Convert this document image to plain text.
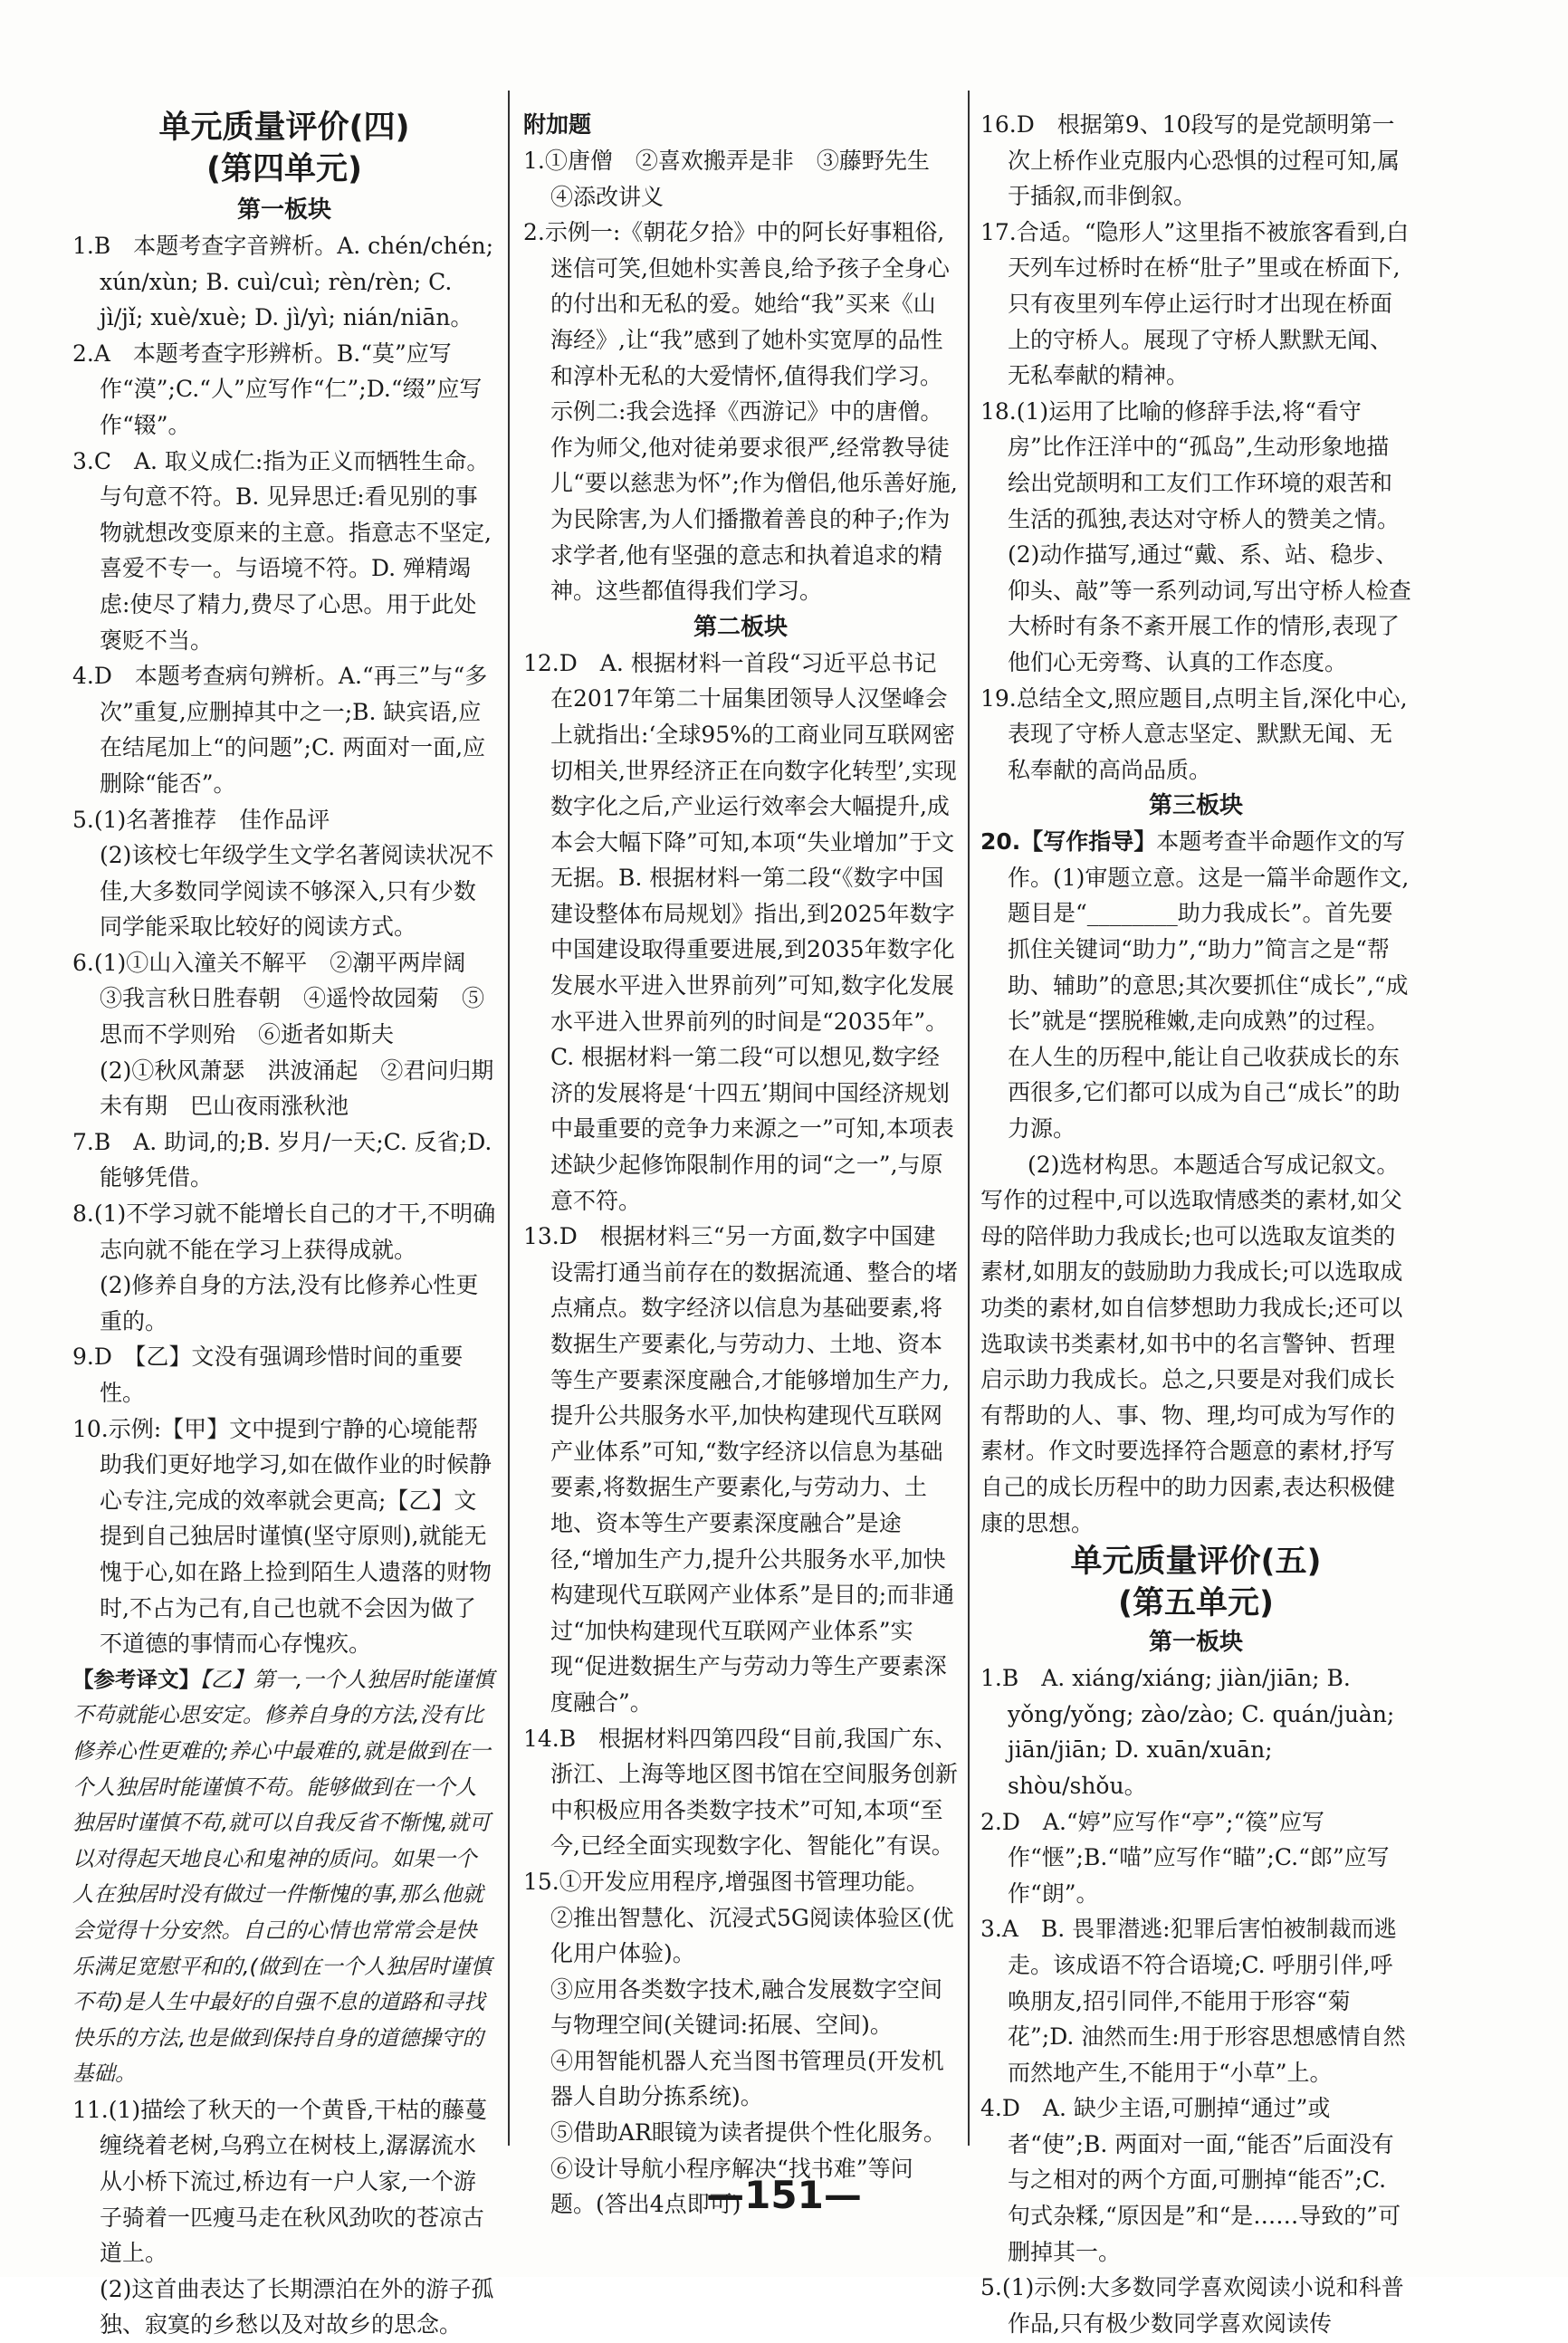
单元质量评价(四)
(第四单元)
第一板块

1.B　本题考查字音辨析。A. chén/chén; xún/xùn; B. cuì/cuì; rèn/rèn; C. jì/jǐ; xuè/xuè; D. jì/yì; nián/niān。

2.A　本题考查字形辨析。B.“莫”应写作“漠”;C.“人”应写作“仁”;D.“缀”应写作“辍”。

3.C　A. 取义成仁:指为正义而牺牲生命。与句意不符。B. 见异思迁:看见别的事物就想改变原来的主意。指意志不坚定,喜爱不专一。与语境不符。D. 殚精竭虑:使尽了精力,费尽了心思。用于此处褒贬不当。

4.D　本题考查病句辨析。A.“再三”与“多次”重复,应删掉其中之一;B. 缺宾语,应在结尾加上“的问题”;C. 两面对一面,应删除“能否”。

5.(1)名著推荐　佳作品评

(2)该校七年级学生文学名著阅读状况不佳,大多数同学阅读不够深入,只有少数同学能采取比较好的阅读方式。

6.(1)①山入潼关不解平　②潮平两岸阔　③我言秋日胜春朝　④遥怜故园菊　⑤思而不学则殆　⑥逝者如斯夫

(2)①秋风萧瑟　洪波涌起　②君问归期未有期　巴山夜雨涨秋池

7.B　A. 助词,的;B. 岁月/一天;C. 反省;D. 能够凭借。

8.(1)不学习就不能增长自己的才干,不明确志向就不能在学习上获得成就。

(2)修养自身的方法,没有比修养心性更重的。

9.D　【乙】文没有强调珍惜时间的重要性。

10.示例:【甲】文中提到宁静的心境能帮助我们更好地学习,如在做作业的时候静心专注,完成的效率就会更高;【乙】文提到自己独居时谨慎(坚守原则),就能无愧于心,如在路上捡到陌生人遗落的财物时,不占为己有,自己也就不会因为做了不道德的事情而心存愧疚。

【参考译文】【乙】第一,一个人独居时能谨慎不苟就能心思安定。修养自身的方法,没有比修养心性更难的;养心中最难的,就是做到在一个人独居时能谨慎不苟。能够做到在一个人独居时谨慎不苟,就可以自我反省不惭愧,就可以对得起天地良心和鬼神的质问。如果一个人在独居时没有做过一件惭愧的事,那么他就会觉得十分安然。自己的心情也常常会是快乐满足宽慰平和的,(做到在一个人独居时谨慎不苟)是人生中最好的自强不息的道路和寻找快乐的方法,也是做到保持自身的道德操守的基础。

11.(1)描绘了秋天的一个黄昏,干枯的藤蔓缠绕着老树,乌鸦立在树枝上,潺潺流水从小桥下流过,桥边有一户人家,一个游子骑着一匹瘦马走在秋风劲吹的苍凉古道上。

(2)这首曲表达了长期漂泊在外的游子孤独、寂寞的乡愁以及对故乡的思念。

附加题

1.①唐僧　②喜欢搬弄是非　③藤野先生　④添改讲义

2.示例一:《朝花夕拾》中的阿长好事粗俗,迷信可笑,但她朴实善良,给予孩子全身心的付出和无私的爱。她给“我”买来《山海经》,让“我”感到了她朴实宽厚的品性和淳朴无私的大爱情怀,值得我们学习。

示例二:我会选择《西游记》中的唐僧。作为师父,他对徒弟要求很严,经常教导徒儿“要以慈悲为怀”;作为僧侣,他乐善好施,为民除害,为人们播撒着善良的种子;作为求学者,他有坚强的意志和执着追求的精神。这些都值得我们学习。

第二板块

12.D　A. 根据材料一首段“习近平总书记在2017年第二十届集团领导人汉堡峰会上就指出:‘全球95%的工商业同互联网密切相关,世界经济正在向数字化转型’,实现数字化之后,产业运行效率会大幅提升,成本会大幅下降”可知,本项“失业增加”于文无据。B. 根据材料一第二段“《数字中国建设整体布局规划》指出,到2025年数字中国建设取得重要进展,到2035年数字化发展水平进入世界前列”可知,数字化发展水平进入世界前列的时间是“2035年”。C. 根据材料一第二段“可以想见,数字经济的发展将是‘十四五’期间中国经济规划中最重要的竞争力来源之一”可知,本项表述缺少起修饰限制作用的词“之一”,与原意不符。

13.D　根据材料三“另一方面,数字中国建设需打通当前存在的数据流通、整合的堵点痛点。数字经济以信息为基础要素,将数据生产要素化,与劳动力、土地、资本等生产要素深度融合,才能够增加生产力,提升公共服务水平,加快构建现代互联网产业体系”可知,“数字经济以信息为基础要素,将数据生产要素化,与劳动力、土地、资本等生产要素深度融合”是途径,“增加生产力,提升公共服务水平,加快构建现代互联网产业体系”是目的;而非通过“加快构建现代互联网产业体系”实现“促进数据生产与劳动力等生产要素深度融合”。

14.B　根据材料四第四段“目前,我国广东、浙江、上海等地区图书馆在空间服务创新中积极应用各类数字技术”可知,本项“至今,已经全面实现数字化、智能化”有误。

15.①开发应用程序,增强图书管理功能。

②推出智慧化、沉浸式5G阅读体验区(优化用户体验)。

③应用各类数字技术,融合发展数字空间与物理空间(关键词:拓展、空间)。

④用智能机器人充当图书管理员(开发机器人自助分拣系统)。

⑤借助AR眼镜为读者提供个性化服务。

⑥设计导航小程序解决“找书难”等问题。(答出4点即可)

16.D　根据第9、10段写的是党颉明第一次上桥作业克服内心恐惧的过程可知,属于插叙,而非倒叙。

17.合适。“隐形人”这里指不被旅客看到,白天列车过桥时在桥“肚子”里或在桥面下,只有夜里列车停止运行时才出现在桥面上的守桥人。展现了守桥人默默无闻、无私奉献的精神。

18.(1)运用了比喻的修辞手法,将“看守房”比作汪洋中的“孤岛”,生动形象地描绘出党颉明和工友们工作环境的艰苦和生活的孤独,表达对守桥人的赞美之情。

(2)动作描写,通过“戴、系、站、稳步、仰头、敲”等一系列动词,写出守桥人检查大桥时有条不紊开展工作的情形,表现了他们心无旁骛、认真的工作态度。

19.总结全文,照应题目,点明主旨,深化中心,表现了守桥人意志坚定、默默无闻、无私奉献的高尚品质。

第三板块

20.【写作指导】本题考查半命题作文的写作。(1)审题立意。这是一篇半命题作文,题目是“________助力我成长”。首先要抓住关键词“助力”,“助力”简言之是“帮助、辅助”的意思;其次要抓住“成长”,“成长”就是“摆脱稚嫩,走向成熟”的过程。在人生的历程中,能让自己收获成长的东西很多,它们都可以成为自己“成长”的助力源。

(2)选材构思。本题适合写成记叙文。写作的过程中,可以选取情感类的素材,如父母的陪伴助力我成长;也可以选取友谊类的素材,如朋友的鼓励助力我成长;可以选取成功类的素材,如自信梦想助力我成长;还可以选取读书类素材,如书中的名言警钟、哲理启示助力我成长。总之,只要是对我们成长有帮助的人、事、物、理,均可成为写作的素材。作文时要选择符合题意的素材,抒写自己的成长历程中的助力因素,表达积极健康的思想。

单元质量评价(五)
(第五单元)
第一板块

1.B　A. xiáng/xiáng; jiàn/jiān; B. yǒng/yǒng; zào/zào; C. quán/juàn; jiān/jiān; D. xuān/xuān; shòu/shǒu。

2.D　A.“婷”应写作“亭”;“篌”应写作“惬”;B.“喵”应写作“瞄”;C.“郎”应写作“朗”。

3.A　B. 畏罪潜逃:犯罪后害怕被制裁而逃走。该成语不符合语境;C. 呼朋引伴,呼唤朋友,招引同伴,不能用于形容“菊花”;D. 油然而生:用于形容思想感情自然而然地产生,不能用于“小草”上。

4.D　A. 缺少主语,可删掉“通过”或者“使”;B. 两面对一面,“能否”后面没有与之相对的两个方面,可删掉“能否”;C. 句式杂糅,“原因是”和“是……导致的”可删掉其一。

5.(1)示例:大多数同学喜欢阅读小说和科普作品,只有极少数同学喜欢阅读传

—151—
